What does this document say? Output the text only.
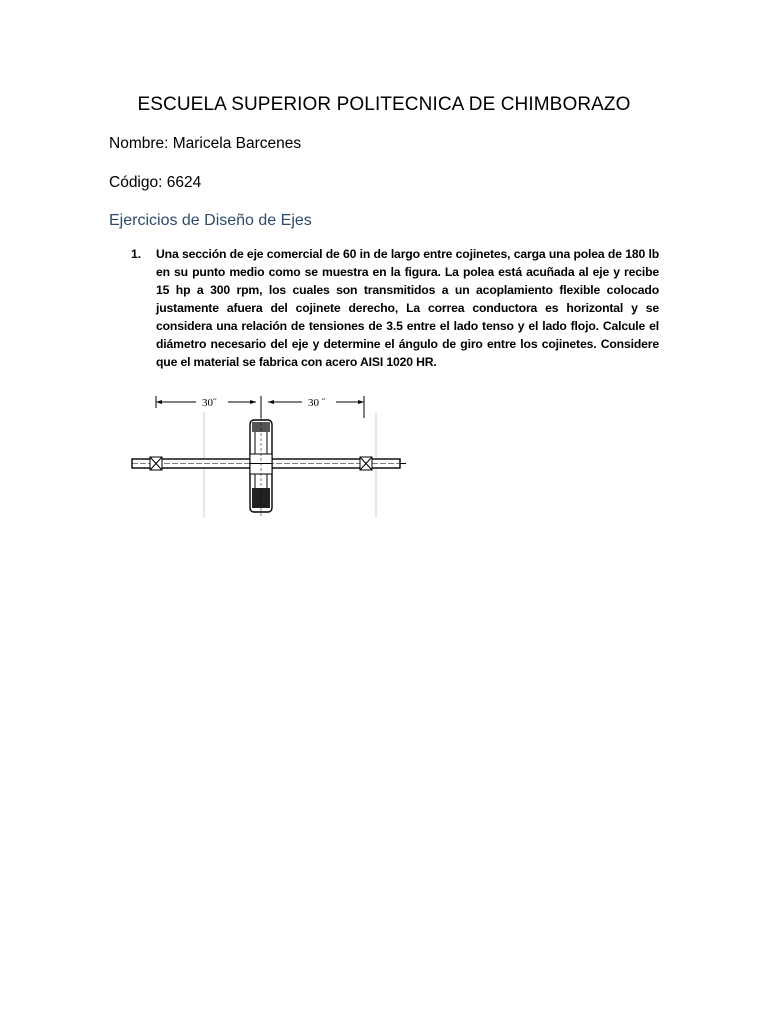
ESCUELA SUPERIOR POLITECNICA DE CHIMBORAZO
Nombre: Maricela Barcenes
Código: 6624
Ejercicios de Diseño de Ejes
1.	Una sección de eje comercial de 60 in de largo entre cojinetes, carga una polea de 180 lb en su punto medio como se muestra en la figura. La polea está acuñada al eje y recibe 15 hp a 300 rpm, los cuales son transmitidos a un acoplamiento flexible colocado justamente afuera del cojinete derecho, La correa conductora es horizontal y se considera una relación de tensiones de 3.5 entre el lado tenso y el lado flojo. Calcule el diámetro necesario del eje y determine el ángulo de giro entre los cojinetes. Considere que el material se fabrica con acero AISI 1020 HR.
30˝	30 ˝
